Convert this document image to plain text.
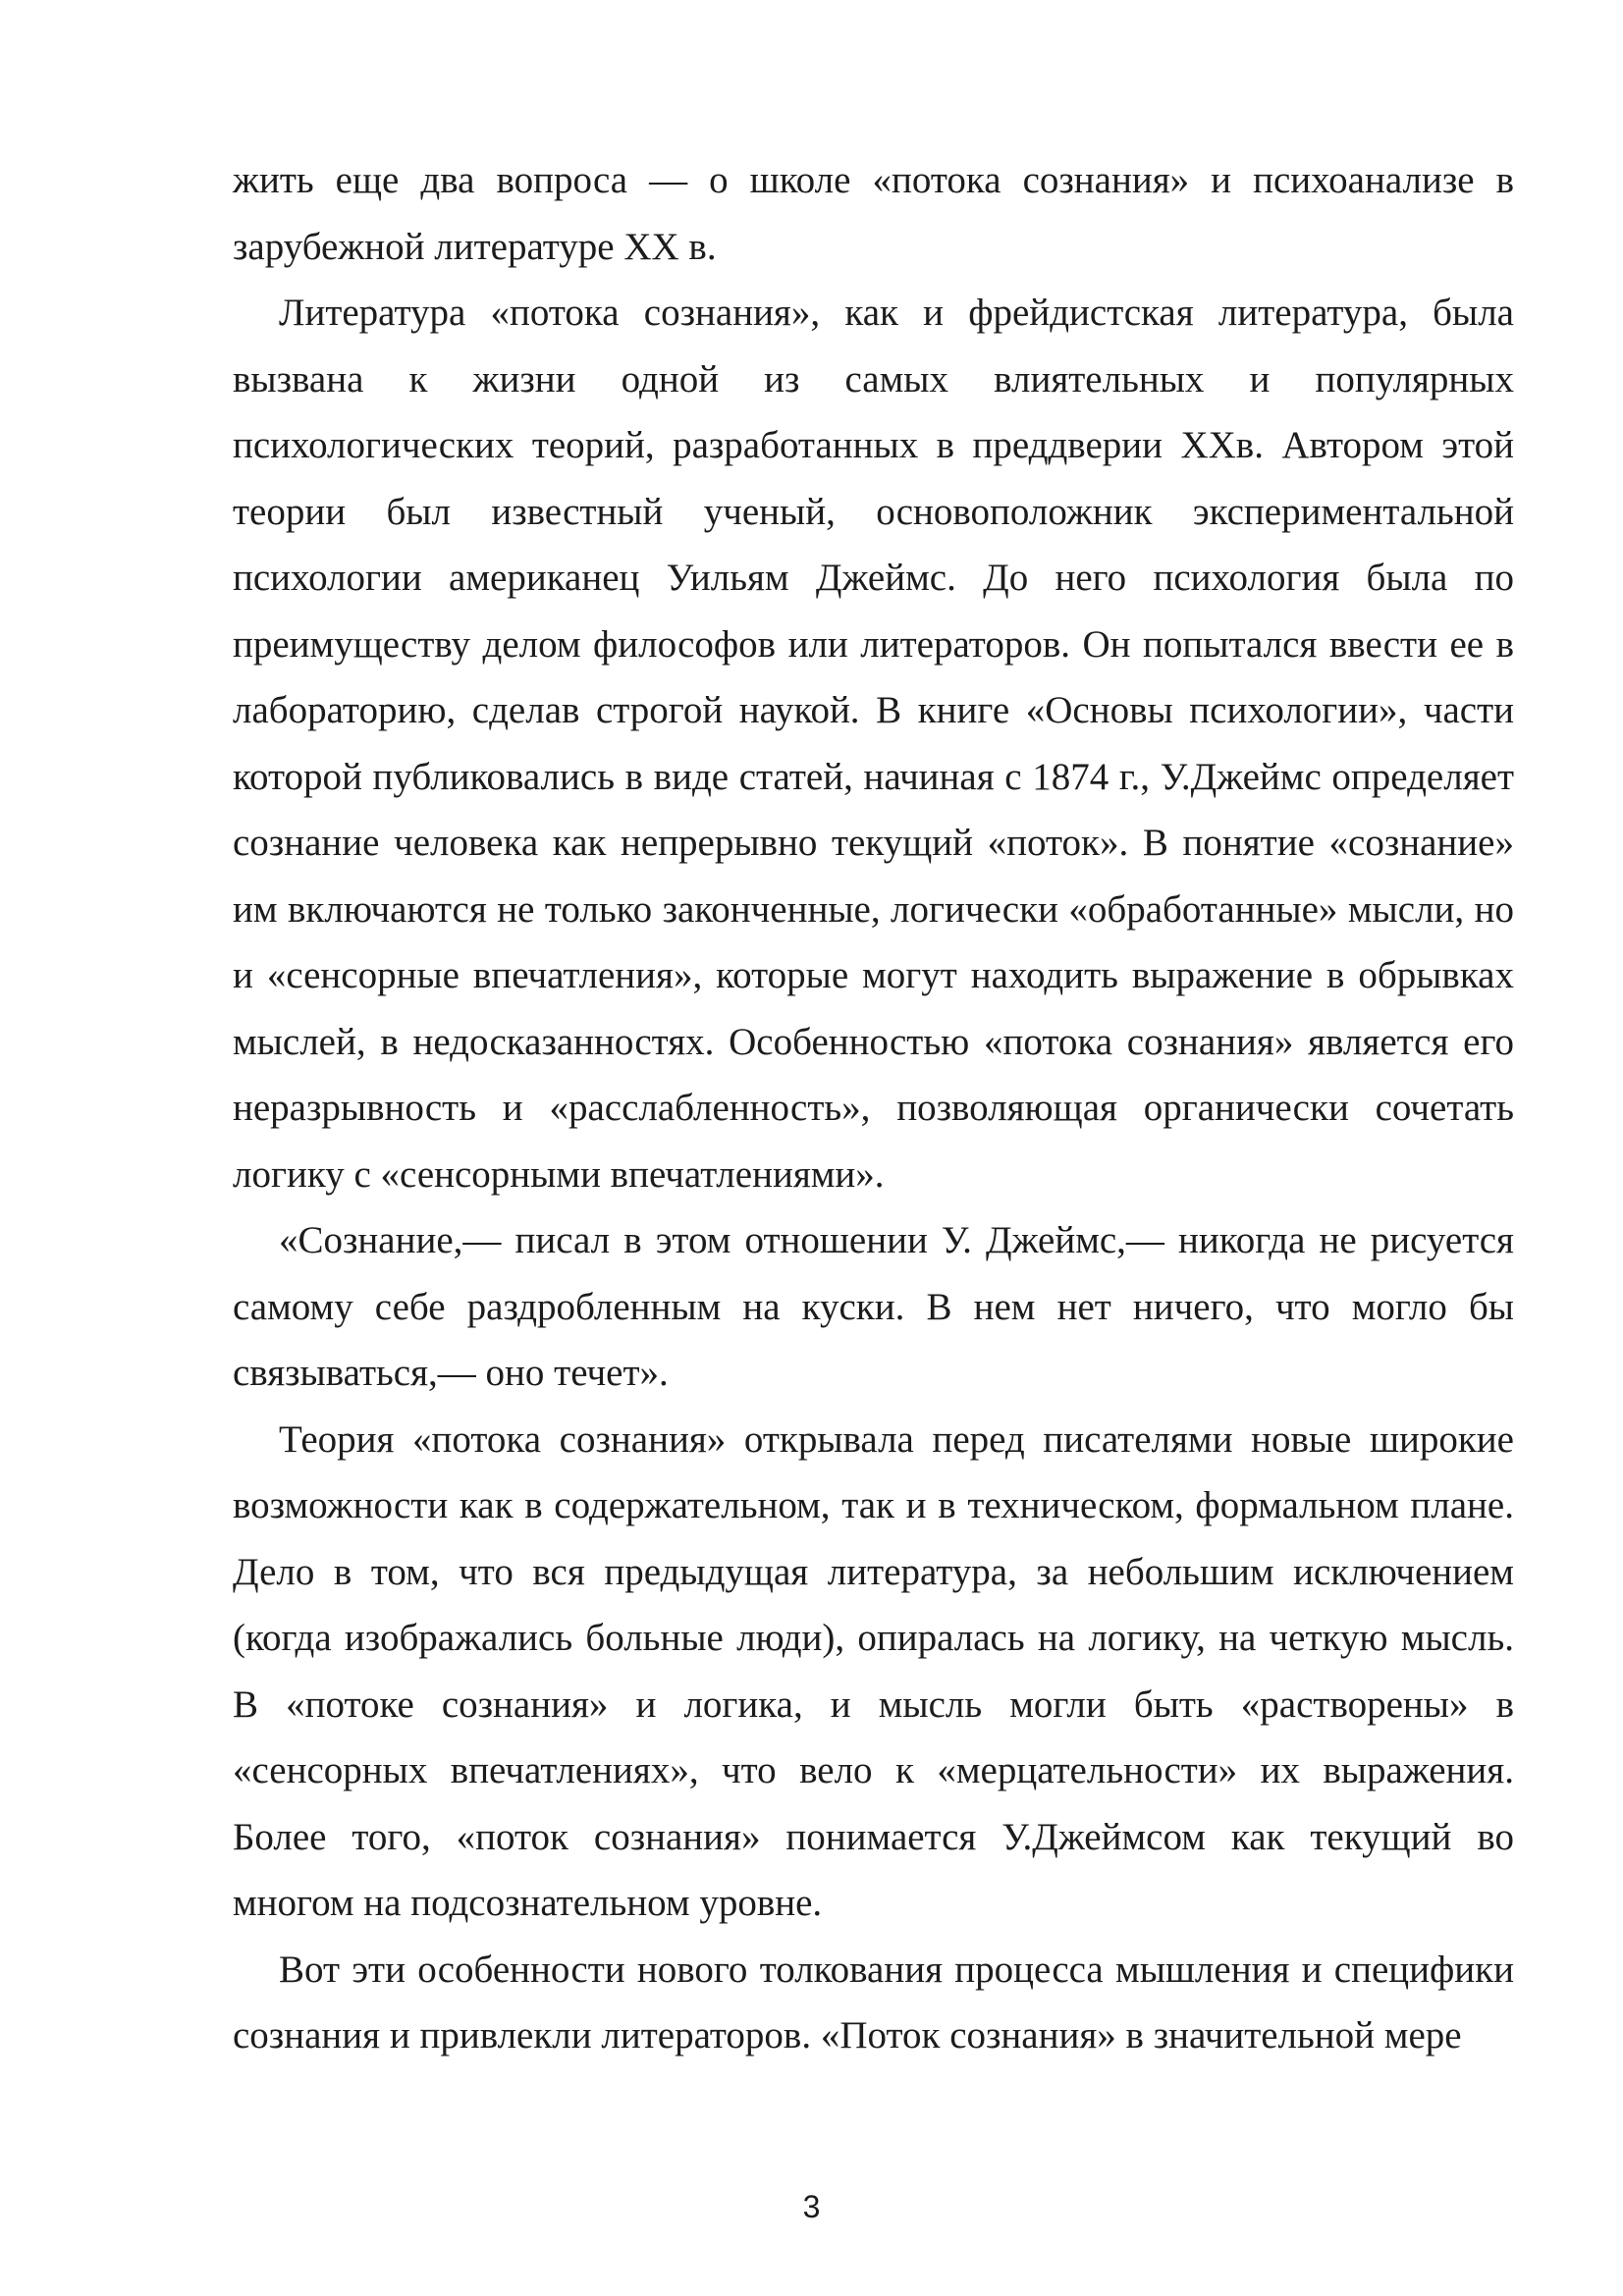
жить еще два вопроса — о школе «потока сознания» и психоанализе в зарубежной литературе XX в.

Литература «потока сознания», как и фрейдистская литература, была вызвана к жизни одной из самых влиятельных и популярных психологических теорий, разработанных в преддверии XXв. Автором этой теории был известный ученый, основоположник экспериментальной психологии американец Уильям Джеймс. До него психология была по преимуществу делом философов или литераторов. Он попытался ввести ее в лабораторию, сделав строгой наукой. В книге «Основы психологии», части которой публиковались в виде статей, начиная с 1874 г., У.Джеймс определяет сознание человека как непрерывно текущий «поток». В понятие «сознание» им включаются не только законченные, логически «обработанные» мысли, но и «сенсорные впечатления», которые могут находить выражение в обрывках мыслей, в недосказанностях. Особенностью «потока сознания» является его неразрывность и «расслабленность», позволяющая органически сочетать логику с «сенсорными впечатлениями».

«Сознание,— писал в этом отношении У. Джеймс,— никогда не рисуется самому себе раздробленным на куски. В нем нет ничего, что могло бы связываться,— оно течет».

Теория «потока сознания» открывала перед писателями новые широкие возможности как в содержательном, так и в техническом, формальном плане. Дело в том, что вся предыдущая литература, за небольшим исключением (когда изображались больные люди), опиралась на логику, на четкую мысль. В «потоке сознания» и логика, и мысль могли быть «растворены» в «сенсорных впечатлениях», что вело к «мерцательности» их выражения. Более того, «поток сознания» понимается У.Джеймсом как текущий во многом на подсознательном уровне.

Вот эти особенности нового толкования процесса мышления и специфики сознания и привлекли литераторов. «Поток сознания» в значительной мере

3
